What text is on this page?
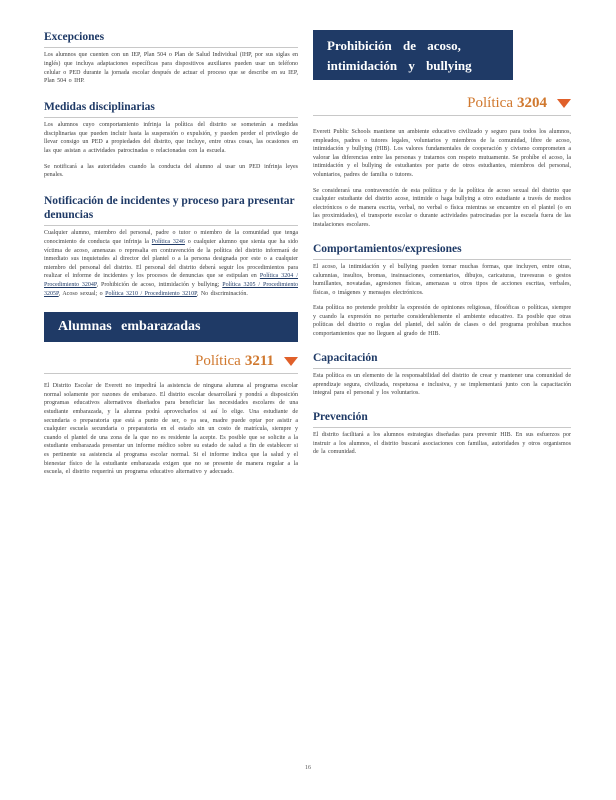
Excepciones

Los alumnos que cuenten con un IEP, Plan 504 o Plan de Salud Individual (IHP, por sus siglas en inglés) que incluya adaptaciones específicas para dispositivos auxiliares pueden usar un teléfono celular o PED durante la jornada escolar después de actuar el proceso que se describe en su IEP, Plan 504 o IHP.

Medidas disciplinarias

Los alumnos cuyo comportamiento infrinja la política del distrito se someterán a medidas disciplinarias que pueden incluir hasta la suspensión o expulsión, y pueden perder el privilegio de llevar consigo un PED a propiedades del distrito, que incluye, entre otras cosas, las ocasiones en las que asistan a actividades patrocinadas o relacionadas con la escuela.

Se notificará a las autoridades cuando la conducta del alumno al usar un PED infrinja leyes penales.

Notificación de incidentes y proceso para presentar denuncias

Cualquier alumno, miembro del personal, padre o tutor o miembro de la comunidad que tenga conocimiento de conducta que infrinja la Política 3246 o cualquier alumno que sienta que ha sido víctima de acoso, amenazas o represalia en contravención de la política del distrito informará de inmediato sus inquietudes al director del plantel o a la persona designada por este o a cualquier miembro del personal del distrito. El personal del distrito deberá seguir los procedimientos para realizar el informe de incidentes y los procesos de denuncias que se estipulan en Política 3204 / Procedimiento 3204P, Prohibición de acoso, intimidación y bullying; Política 3205 / Procedimiento 3205P, Acoso sexual; o Política 3210 / Procedimiento 3210P, No discriminación.

Alumnas embarazadas
Política 3211

El Distrito Escolar de Everett no impedirá la asistencia de ninguna alumna al programa escolar normal solamente por razones de embarazo. El distrito escolar desarrollará y pondrá a disposición programas educativos alternativos diseñados para beneficiar las necesidades escolares de una estudiante embarazada, y la alumna podrá aprovecharlos si así lo elige. Una estudiante de secundaria o preparatoria que está a punto de ser, o ya sea, madre puede optar por asistir a cualquier escuela secundaria o preparatoria en el estado sin un costo de matrícula, siempre y cuando el plantel de una zona de la que no es residente la acepte. Es posible que se solicite a la estudiante embarazada presentar un informe médico sobre su estado de salud a fin de establecer si es pertinente su asistencia al programa escolar normal. Si el informe indica que la salud y el bienestar físico de la estudiante embarazada exigen que no se presente de manera regular a la escuela, el distrito requerirá un programa educativo alternativo y adecuado.

Prohibición de acoso, intimidación y bullying
Política 3204

Everett Public Schools mantiene un ambiente educativo civilizado y seguro para todos los alumnos, empleados, padres o tutores legales, voluntarios y miembros de la comunidad, libre de acoso, intimidación y bullying (HIB). Los valores fundamentales de cooperación y civismo comprometen a valorar las diferencias entre las personas y tratarnos con respeto mutuamente. Se prohíbe el acoso, la intimidación y el bullying de estudiantes por parte de otros estudiantes, miembros del personal, voluntarios, padres de familia o tutores.

Se considerará una contravención de esta política y de la política de acoso sexual del distrito que cualquier estudiante del distrito acose, intimide o haga bullying a otro estudiante a través de medios electrónicos o de manera escrita, verbal, no verbal o física mientras se encuentre en el plantel (o en las proximidades), el transporte escolar o durante actividades patrocinadas por la escuela fuera de las instalaciones escolares.

Comportamientos/expresiones

El acoso, la intimidación y el bullying pueden tomar muchas formas, que incluyen, entre otras, calumnias, insultos, bromas, insinuaciones, comentarios, dibujos, caricaturas, travesuras o gestos humillantes, novatadas, agresiones físicas, amenazas u otros tipos de acciones escritas, verbales, físicas, o imágenes y mensajes electrónicos.

Esta política no pretende prohibir la expresión de opiniones religiosas, filosóficas o políticas, siempre y cuando la expresión no perturbe considerablemente el ambiente educativo. Es posible que otras políticas del distrito o reglas del plantel, del salón de clases o del programa prohíban muchos comportamientos que no lleguen al grado de HIB.

Capacitación

Esta política es un elemento de la responsabilidad del distrito de crear y mantener una comunidad de aprendizaje segura, civilizada, respetuosa e inclusiva, y se implementará junto con la capacitación integral para el personal y los voluntarios.

Prevención

El distrito facilitará a los alumnos estrategias diseñadas para prevenir HIB. En sus esfuerzos por instruir a los alumnos, el distrito buscará asociaciones con familias, autoridades y otros organismos de la comunidad.

16
